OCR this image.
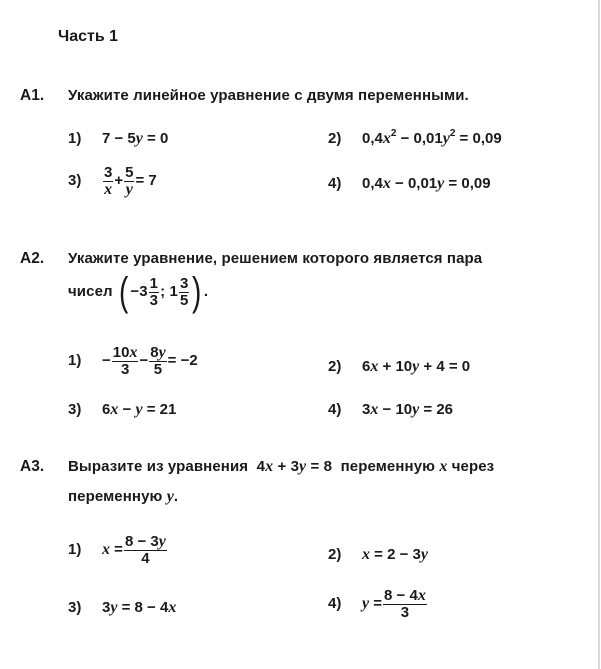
Часть 1
А1. Укажите линейное уравнение с двумя переменными.
1) 7 − 5y = 0	2) $0,4x^2 - 0,01y^2 = 0,09$
$3) \frac{3}{x} + \frac{5}{y} = 7$	4) 0,4x − 0,01y = 0,09
А2. Укажите уравнение, решением которого является пара
чисел ( $-3 \frac{1}{3}$ ; $1 \frac{3}{5}$ ) .
$1) - \frac{10x}{3} - \frac{8y}{5} = -2$	2) 6x + 10y + 4 = 0
3) 6x − y = 21	4) 3x − 10y = 26
А3. Выразите из уравнения  4x + 3y = 8  переменную x через
переменную y.
1) $x = \frac{8 - 3y}{4}$	2) x = 2 − 3y
3) 3y = 8 − 4x	4) $y = \frac{8 - 4x}{3}$
